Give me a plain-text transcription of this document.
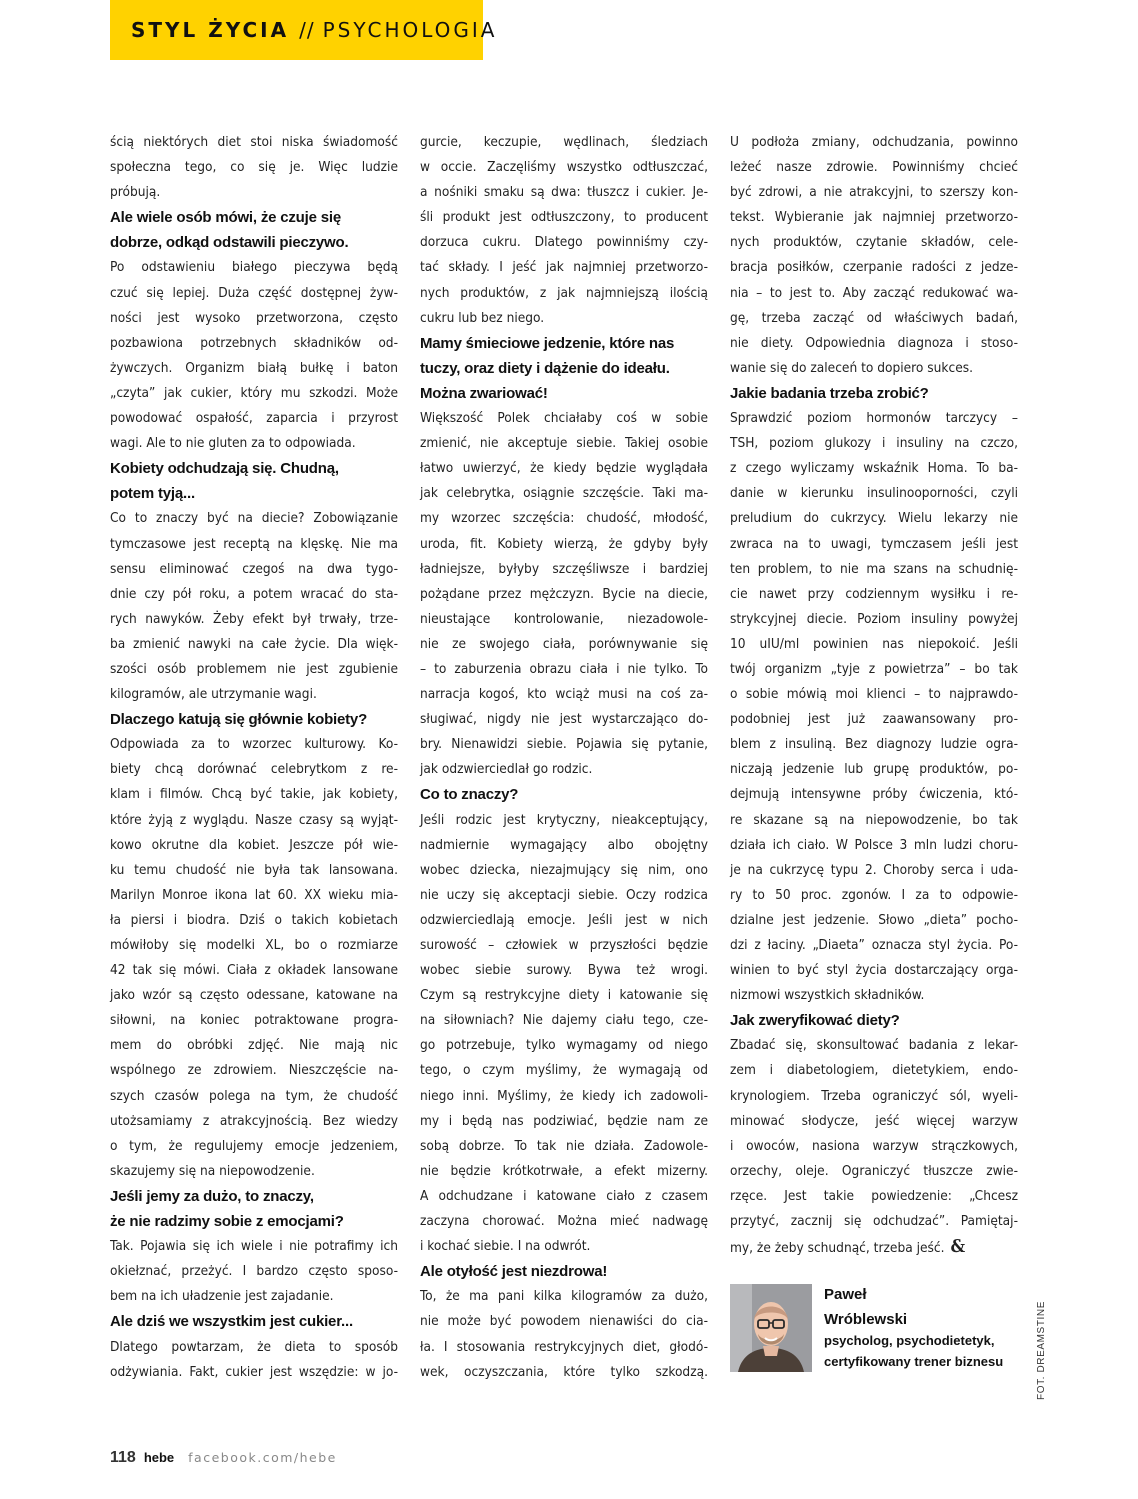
STYL ŻYCIA // PSYCHOLOGIA

ścią niektórych diet stoi niska świadomość
społeczna tego, co się je. Więc ludzie
próbują.

Ale wiele osób mówi, że czuje się
dobrze, odkąd odstawili pieczywo.

Po odstawieniu białego pieczywa będą
czuć się lepiej. Duża część dostępnej żyw-
ności jest wysoko przetworzona, często
pozbawiona potrzebnych składników od-
żywczych. Organizm białą bułkę i baton
„czyta” jak cukier, który mu szkodzi. Może
powodować ospałość, zaparcia i przyrost
wagi. Ale to nie gluten za to odpowiada.

Kobiety odchudzają się. Chudną,
potem tyją...

Co to znaczy być na diecie? Zobowiązanie
tymczasowe jest receptą na klęskę. Nie ma
sensu eliminować czegoś na dwa tygo-
dnie czy pół roku, a potem wracać do sta-
rych nawyków. Żeby efekt był trwały, trze-
ba zmienić nawyki na całe życie. Dla więk-
szości osób problemem nie jest zgubienie
kilogramów, ale utrzymanie wagi.

Dlaczego katują się głównie kobiety?

Odpowiada za to wzorzec kulturowy. Ko-
biety chcą dorównać celebrytkom z re-
klam i filmów. Chcą być takie, jak kobiety,
które żyją z wyglądu. Nasze czasy są wyjąt-
kowo okrutne dla kobiet. Jeszcze pół wie-
ku temu chudość nie była tak lansowana.
Marilyn Monroe ikona lat 60. XX wieku mia-
ła piersi i biodra. Dziś o takich kobietach
mówiłoby się modelki XL, bo o rozmiarze
42 tak się mówi. Ciała z okładek lansowane
jako wzór są często odessane, katowane na
siłowni, na koniec potraktowane progra-
mem do obróbki zdjęć. Nie mają nic
wspólnego ze zdrowiem. Nieszczęście na-
szych czasów polega na tym, że chudość
utożsamiamy z atrakcyjnością. Bez wiedzy
o tym, że regulujemy emocje jedzeniem,
skazujemy się na niepowodzenie.

Jeśli jemy za dużo, to znaczy,
że nie radzimy sobie z emocjami?

Tak. Pojawia się ich wiele i nie potrafimy ich
okiełznać, przeżyć. I bardzo często sposo-
bem na ich uładzenie jest zajadanie.

Ale dziś we wszystkim jest cukier...

Dlatego powtarzam, że dieta to sposób
odżywiania. Fakt, cukier jest wszędzie: w jo-

gurcie, keczupie, wędlinach, śledziach
w occie. Zaczęliśmy wszystko odtłuszczać,
a nośniki smaku są dwa: tłuszcz i cukier. Je-
śli produkt jest odtłuszczony, to producent
dorzuca cukru. Dlatego powinniśmy czy-
tać składy. I jeść jak najmniej przetworzo-
nych produktów, z jak najmniejszą ilością
cukru lub bez niego.

Mamy śmieciowe jedzenie, które nas
tuczy, oraz diety i dążenie do ideału.
Można zwariować!

Większość Polek chciałaby coś w sobie
zmienić, nie akceptuje siebie. Takiej osobie
łatwo uwierzyć, że kiedy będzie wyglądała
jak celebrytka, osiągnie szczęście. Taki ma-
my wzorzec szczęścia: chudość, młodość,
uroda, fit. Kobiety wierzą, że gdyby były
ładniejsze, byłyby szczęśliwsze i bardziej
pożądane przez mężczyzn. Bycie na diecie,
nieustające kontrolowanie, niezadowole-
nie ze swojego ciała, porównywanie się
– to zaburzenia obrazu ciała i nie tylko. To
narracja kogoś, kto wciąż musi na coś za-
sługiwać, nigdy nie jest wystarczająco do-
bry. Nienawidzi siebie. Pojawia się pytanie,
jak odzwierciedlał go rodzic.

Co to znaczy?

Jeśli rodzic jest krytyczny, nieakceptujący,
nadmiernie wymagający albo obojętny
wobec dziecka, niezajmujący się nim, ono
nie uczy się akceptacji siebie. Oczy rodzica
odzwierciedlają emocje. Jeśli jest w nich
surowość – człowiek w przyszłości będzie
wobec siebie surowy. Bywa też wrogi.
Czym są restrykcyjne diety i katowanie się
na siłowniach? Nie dajemy ciału tego, cze-
go potrzebuje, tylko wymagamy od niego
tego, o czym myślimy, że wymagają od
niego inni. Myślimy, że kiedy ich zadowoli-
my i będą nas podziwiać, będzie nam ze
sobą dobrze. To tak nie działa. Zadowole-
nie będzie krótkotrwałe, a efekt mizerny.
A odchudzane i katowane ciało z czasem
zaczyna chorować. Można mieć nadwagę
i kochać siebie. I na odwrót.

Ale otyłość jest niezdrowa!

To, że ma pani kilka kilogramów za dużo,
nie może być powodem nienawiści do cia-
ła. I stosowania restrykcyjnych diet, głodó-
wek, oczyszczania, które tylko szkodzą.

U podłoża zmiany, odchudzania, powinno
leżeć nasze zdrowie. Powinniśmy chcieć
być zdrowi, a nie atrakcyjni, to szerszy kon-
tekst. Wybieranie jak najmniej przetworzo-
nych produktów, czytanie składów, cele-
bracja posiłków, czerpanie radości z jedze-
nia – to jest to. Aby zacząć redukować wa-
gę, trzeba zacząć od właściwych badań,
nie diety. Odpowiednia diagnoza i stoso-
wanie się do zaleceń to dopiero sukces.

Jakie badania trzeba zrobić?

Sprawdzić poziom hormonów tarczycy –
TSH, poziom glukozy i insuliny na czczo,
z czego wyliczamy wskaźnik Homa. To ba-
danie w kierunku insulinooporności, czyli
preludium do cukrzycy. Wielu lekarzy nie
zwraca na to uwagi, tymczasem jeśli jest
ten problem, to nie ma szans na schudnię-
cie nawet przy codziennym wysiłku i re-
strykcyjnej diecie. Poziom insuliny powyżej
10 uIU/ml powinien nas niepokoić. Jeśli
twój organizm „tyje z powietrza” – bo tak
o sobie mówią moi klienci – to najprawdo-
podobniej jest już zaawansowany pro-
blem z insuliną. Bez diagnozy ludzie ogra-
niczają jedzenie lub grupę produktów, po-
dejmują intensywne próby ćwiczenia, któ-
re skazane są na niepowodzenie, bo tak
działa ich ciało. W Polsce 3 mln ludzi choru-
je na cukrzycę typu 2. Choroby serca i uda-
ry to 50 proc. zgonów. I za to odpowie-
dzialne jest jedzenie. Słowo „dieta” pocho-
dzi z łaciny. „Diaeta” oznacza styl życia. Po-
winien to być styl życia dostarczający orga-
nizmowi wszystkich składników.

Jak zweryfikować diety?

Zbadać się, skonsultować badania z lekar-
zem i diabetologiem, dietetykiem, endo-
krynologiem. Trzeba ograniczyć sól, wyeli-
minować słodycze, jeść więcej warzyw
i owoców, nasiona warzyw strączkowych,
orzechy, oleje. Ograniczyć tłuszcze zwie-
rzęce. Jest takie powiedzenie: „Chcesz
przytyć, zacznij się odchudzać”. Pamiętaj-
my, że żeby schudnąć, trzeba jeść. &

Paweł
Wróblewski
psycholog, psychodietetyk,
certyfikowany trener biznesu	FOT. DREAMSTINE
118 hebe facebook.com/hebe
